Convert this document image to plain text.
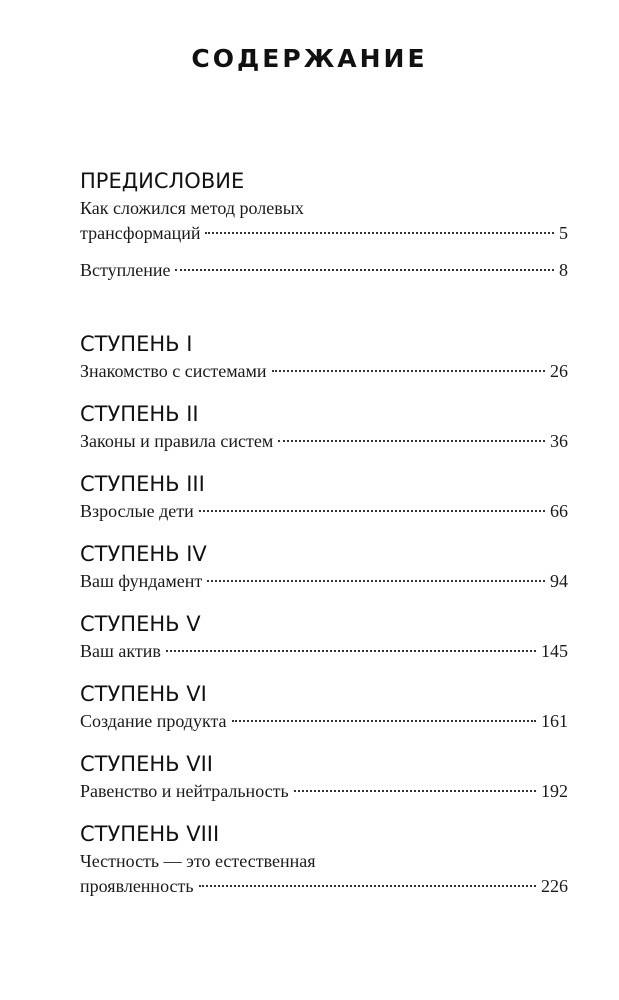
СОДЕРЖАНИЕ
ПРЕДИСЛОВИЕ
Как сложился метод ролевых
трансформаций	5
Вступление	8
СТУПЕНЬ I
Знакомство с системами	26
СТУПЕНЬ II
Законы и правила систем	36
СТУПЕНЬ III
Взрослые дети	66
СТУПЕНЬ IV
Ваш фундамент	94
СТУПЕНЬ V
Ваш актив	145
СТУПЕНЬ VI
Создание продукта	161
СТУПЕНЬ VII
Равенство и нейтральность	192
СТУПЕНЬ VIII
Честность — это естественная
проявленность	226
